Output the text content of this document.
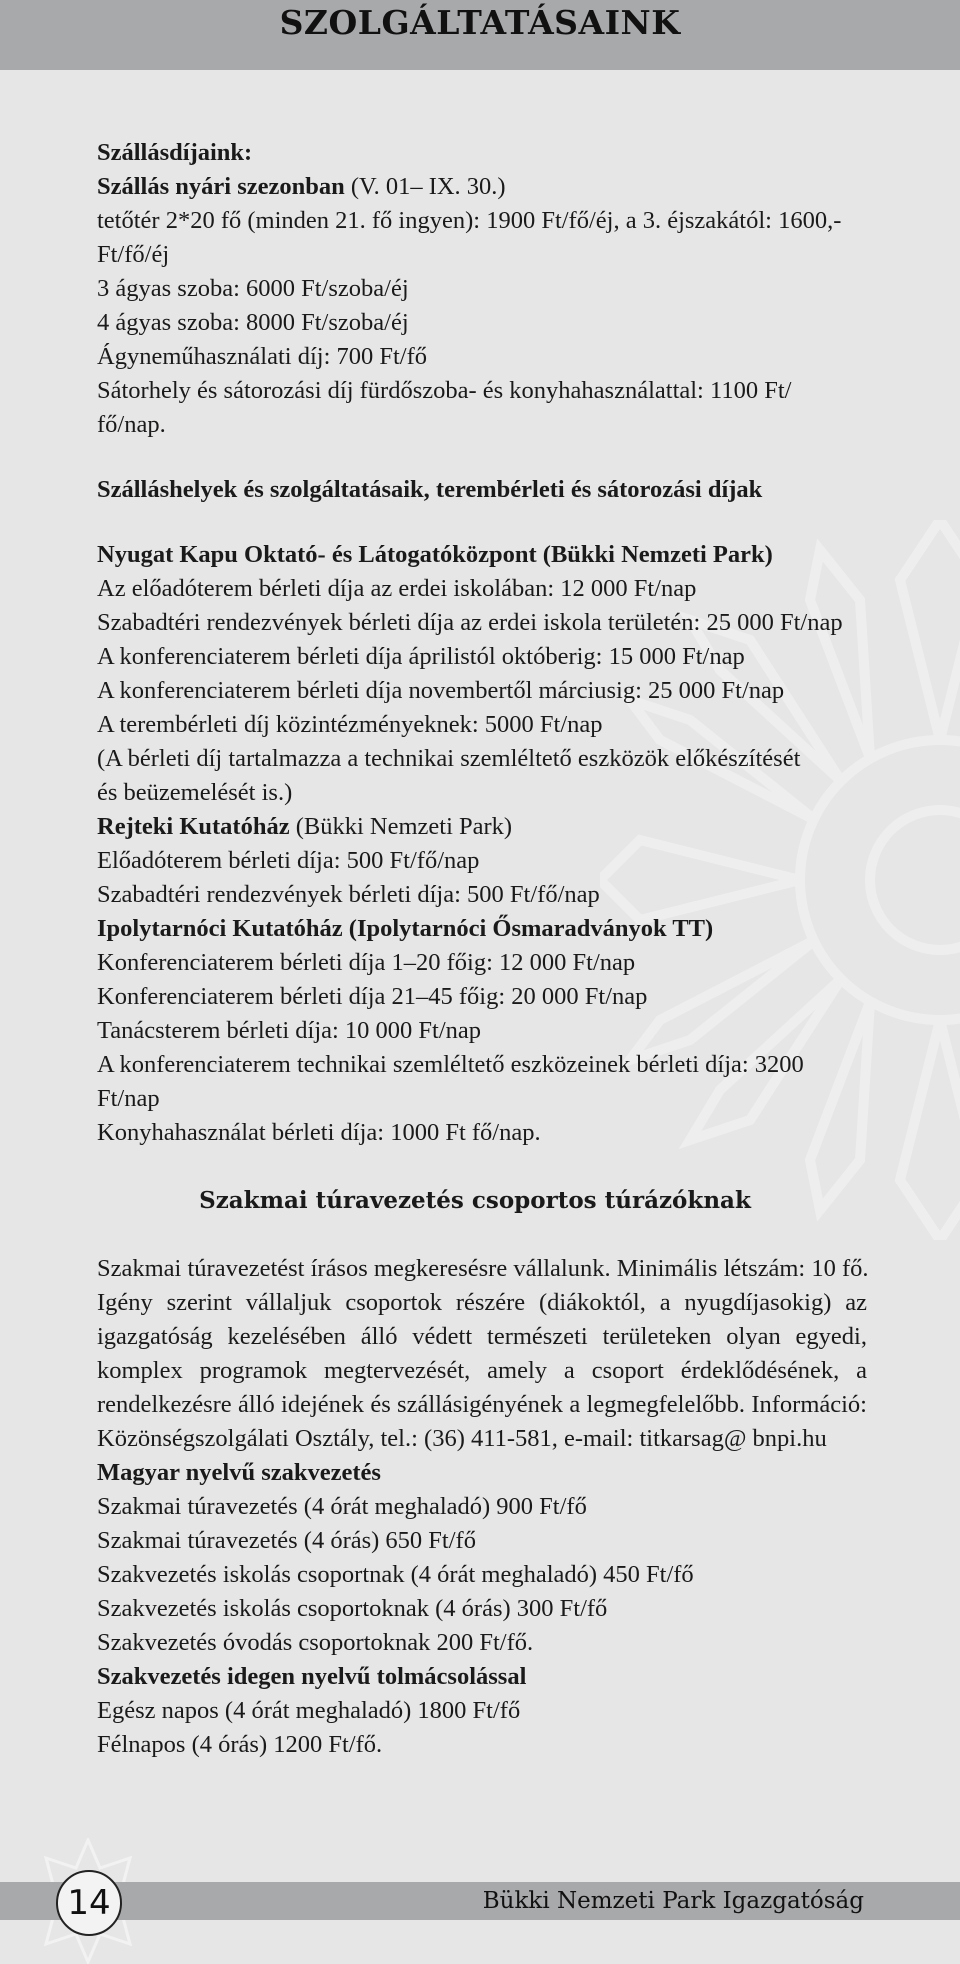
SZOLGÁLTATÁSAINK

Szállásdíjaink:

Szállás nyári szezonban (V. 01– IX. 30.)

tetőtér 2*20 fő (minden 21. fő ingyen): 1900 Ft/fő/éj, a 3. éjszakától: 1600,-

Ft/fő/éj

3 ágyas szoba: 6000 Ft/szoba/éj

4 ágyas szoba: 8000 Ft/szoba/éj

Ágyneműhasználati díj: 700 Ft/fő

Sátorhely és sátorozási díj fürdőszoba- és konyhahasználattal: 1100 Ft/

fő/nap.

Szálláshelyek és szolgáltatásaik, terembérleti és sátorozási díjak

Nyugat Kapu Oktató- és Látogatóközpont (Bükki Nemzeti Park)

Az előadóterem bérleti díja az erdei iskolában: 12 000 Ft/nap

Szabadtéri rendezvények bérleti díja az erdei iskola területén: 25 000 Ft/nap

A konferenciaterem bérleti díja áprilistól októberig: 15 000 Ft/nap

A konferenciaterem bérleti díja novembertől márciusig: 25 000 Ft/nap

A terembérleti díj közintézményeknek: 5000 Ft/nap

(A bérleti díj tartalmazza a technikai szemléltető eszközök előkészítését

és beüzemelését is.)

Rejteki Kutatóház (Bükki Nemzeti Park)

Előadóterem bérleti díja: 500 Ft/fő/nap

Szabadtéri rendezvények bérleti díja: 500 Ft/fő/nap

Ipolytarnóci Kutatóház (Ipolytarnóci Ősmaradványok TT)

Konferenciaterem bérleti díja 1–20 főig: 12 000 Ft/nap

Konferenciaterem bérleti díja 21–45 főig: 20 000 Ft/nap

Tanácsterem bérleti díja: 10 000 Ft/nap

A konferenciaterem technikai szemléltető eszközeinek bérleti díja: 3200

Ft/nap

Konyhahasználat bérleti díja: 1000 Ft fő/nap.

Szakmai túravezetés csoportos túrázóknak

Szakmai túravezetést írásos megkeresésre vállalunk. Minimális létszám: 10 fő.

Igény szerint vállaljuk csoportok részére (diákoktól, a nyugdíjasokig) az igazgatóság kezelésében álló védett természeti területeken olyan egyedi, komplex programok megtervezését, amely a csoport érdeklődésének, a rendelkezésre álló idejének és szállásigényének a legmegfelelőbb. Információ: Közönségszolgálati Osztály, tel.: (36) 411-581, e-mail: titkarsag@ bnpi.hu

Magyar nyelvű szakvezetés

Szakmai túravezetés (4 órát meghaladó) 900 Ft/fő

Szakmai túravezetés (4 órás) 650 Ft/fő

Szakvezetés iskolás csoportnak (4 órát meghaladó) 450 Ft/fő

Szakvezetés iskolás csoportoknak (4 órás) 300 Ft/fő

Szakvezetés óvodás csoportoknak 200 Ft/fő.

Szakvezetés idegen nyelvű tolmácsolással

Egész napos (4 órát meghaladó) 1800 Ft/fő

Félnapos (4 órás) 1200 Ft/fő.

14	Bükki Nemzeti Park Igazgatóság
